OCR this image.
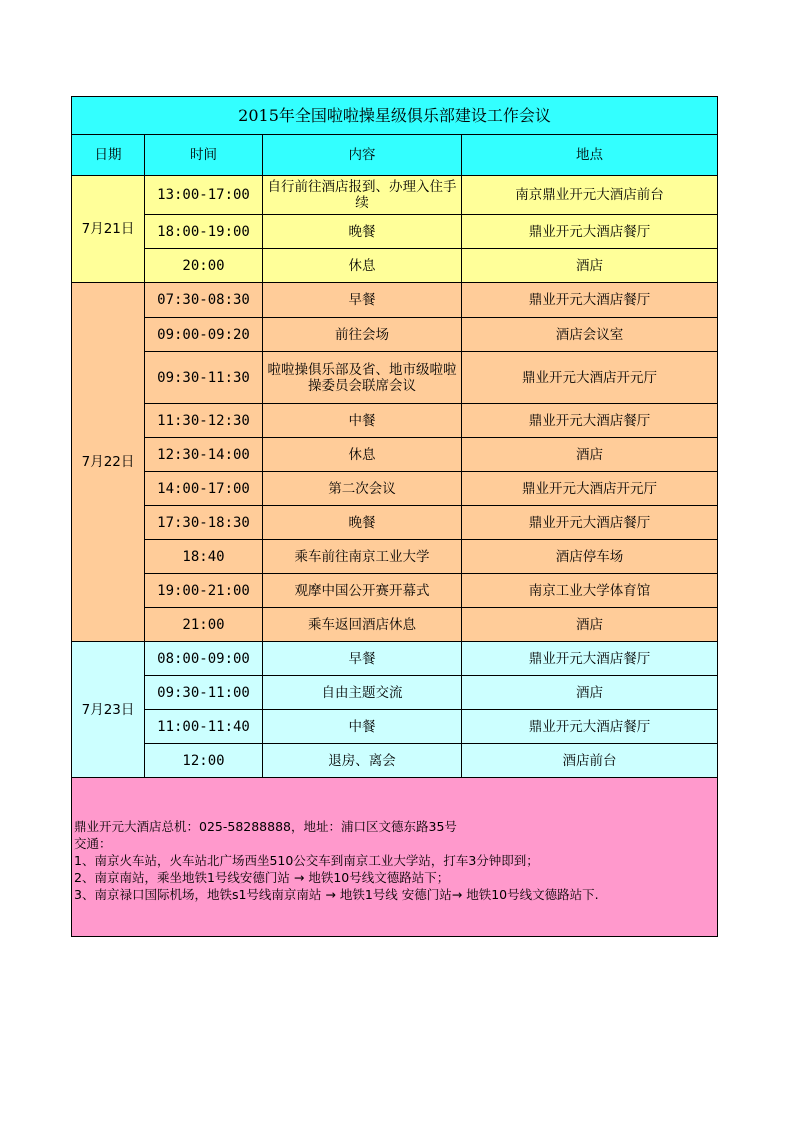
2015年全国啦啦操星级俱乐部建设工作会议			
日期	时间	内容	地点
7月21日	13:00-17:00	自行前往酒店报到、办理入住手续	南京鼎业开元大酒店前台
	18:00-19:00	晚餐	鼎业开元大酒店餐厅
	20:00	休息	酒店
7月22日	07:30-08:30	早餐	鼎业开元大酒店餐厅
	09:00-09:20	前往会场	酒店会议室
	09:30-11:30	啦啦操俱乐部及省、地市级啦啦操委员会联席会议	鼎业开元大酒店开元厅
	11:30-12:30	中餐	鼎业开元大酒店餐厅
	12:30-14:00	休息	酒店
	14:00-17:00	第二次会议	鼎业开元大酒店开元厅
	17:30-18:30	晚餐	鼎业开元大酒店餐厅
	18:40	乘车前往南京工业大学	酒店停车场
	19:00-21:00	观摩中国公开赛开幕式	南京工业大学体育馆
	21:00	乘车返回酒店休息	酒店
7月23日	08:00-09:00	早餐	鼎业开元大酒店餐厅
	09:30-11:00	自由主题交流	酒店
	11:00-11:40	中餐	鼎业开元大酒店餐厅
	12:00	退房、离会	酒店前台

鼎业开元大酒店总机：025-58288888，地址：浦口区文德东路35号
交通：
1、南京火车站，火车站北广场西坐510公交车到南京工业大学站，打车3分钟即到；
2、南京南站，乘坐地铁1号线安德门站 → 地铁10号线文德路站下；
3、南京禄口国际机场，地铁s1号线南京南站 → 地铁1号线 安德门站→ 地铁10号线文德路站下.			
